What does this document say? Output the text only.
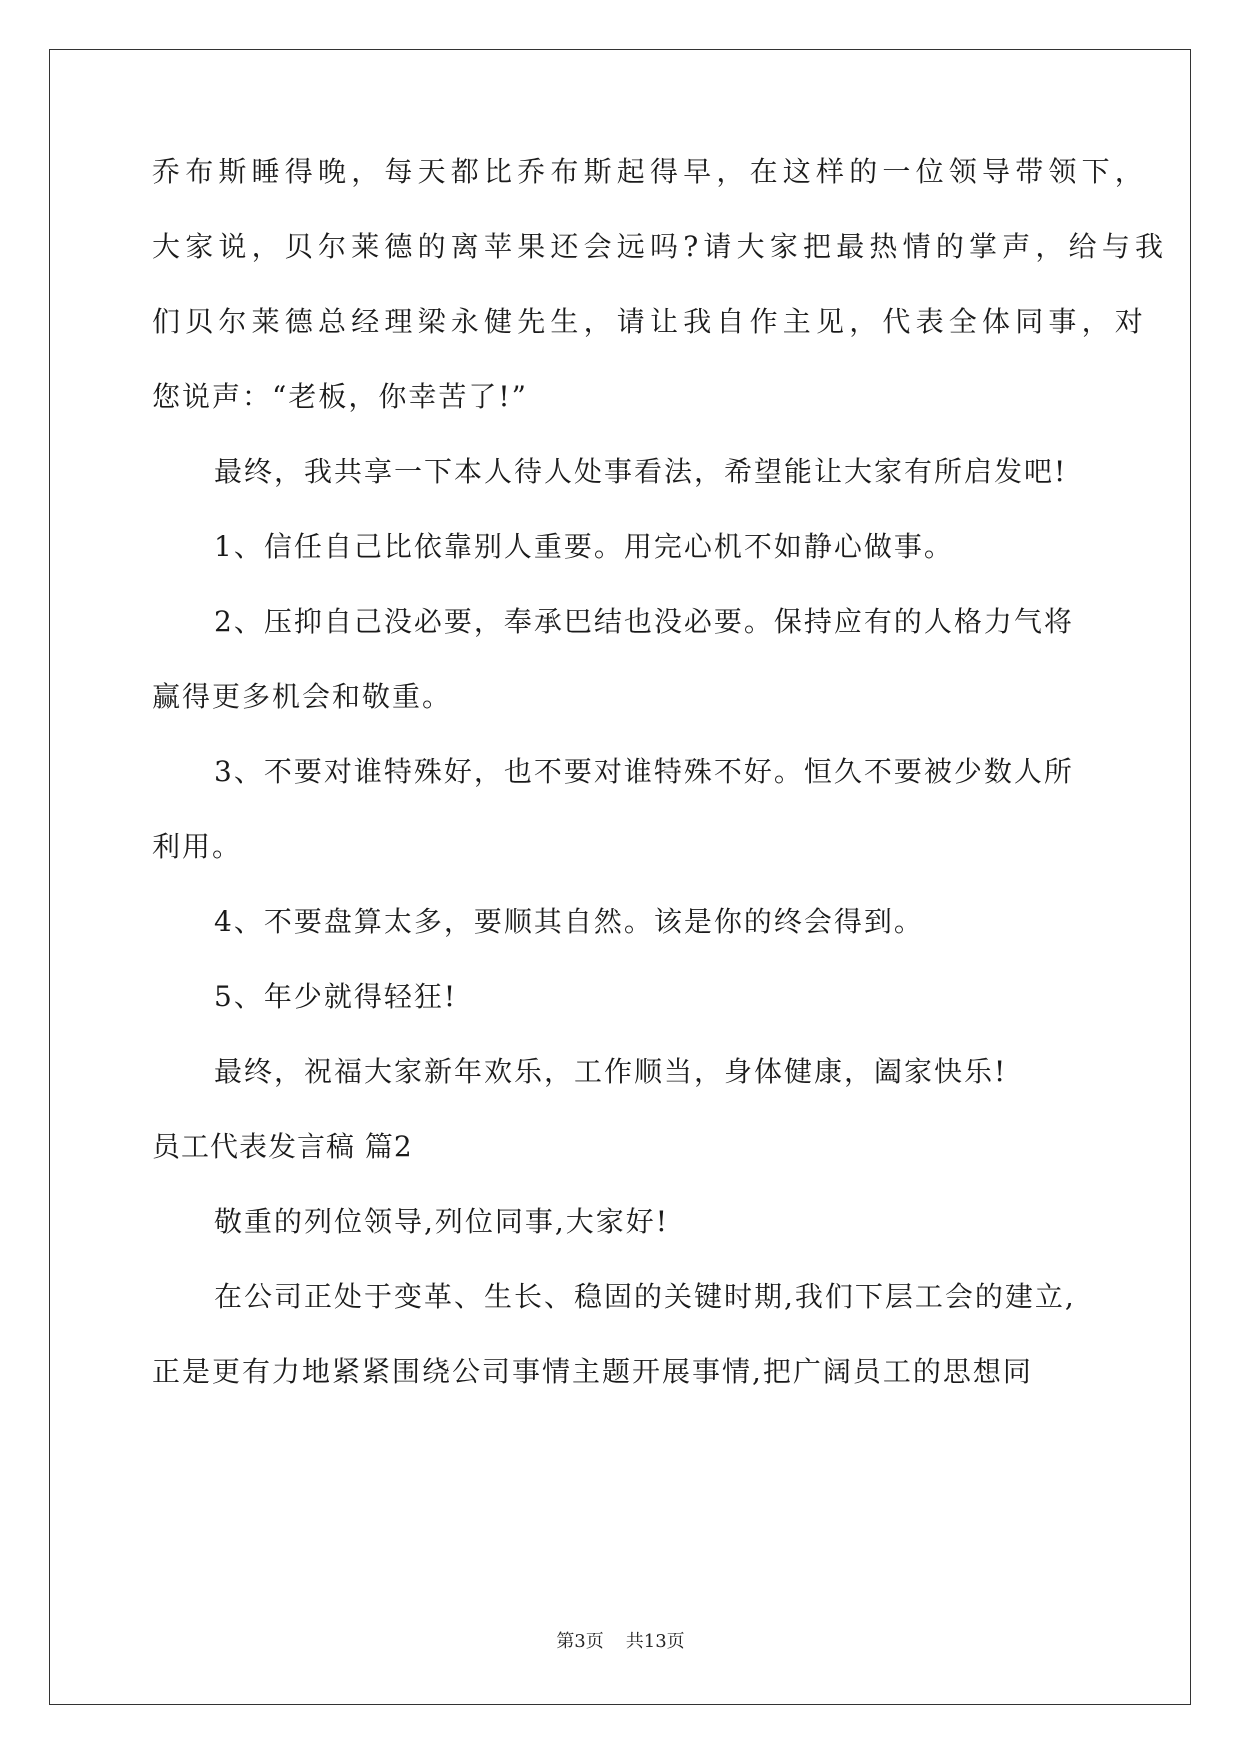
乔布斯睡得晚，每天都比乔布斯起得早，在这样的一位领导带领下，
大家说，贝尔莱德的离苹果还会远吗?请大家把最热情的掌声，给与我
们贝尔莱德总经理梁永健先生，请让我自作主见，代表全体同事，对
您说声：“老板，你幸苦了!”
最终，我共享一下本人待人处事看法，希望能让大家有所启发吧!
1、信任自己比依靠别人重要。用完心机不如静心做事。
2、压抑自己没必要，奉承巴结也没必要。保持应有的人格力气将
赢得更多机会和敬重。
3、不要对谁特殊好，也不要对谁特殊不好。恒久不要被少数人所
利用。
4、不要盘算太多，要顺其自然。该是你的终会得到。
5、年少就得轻狂!
最终，祝福大家新年欢乐，工作顺当，身体健康，阖家快乐!
员工代表发言稿 篇2
敬重的列位领导,列位同事,大家好!
在公司正处于变革、生长、稳固的关键时期,我们下层工会的建立,
正是更有力地紧紧围绕公司事情主题开展事情,把广阔员工的思想同
第3页 共13页
